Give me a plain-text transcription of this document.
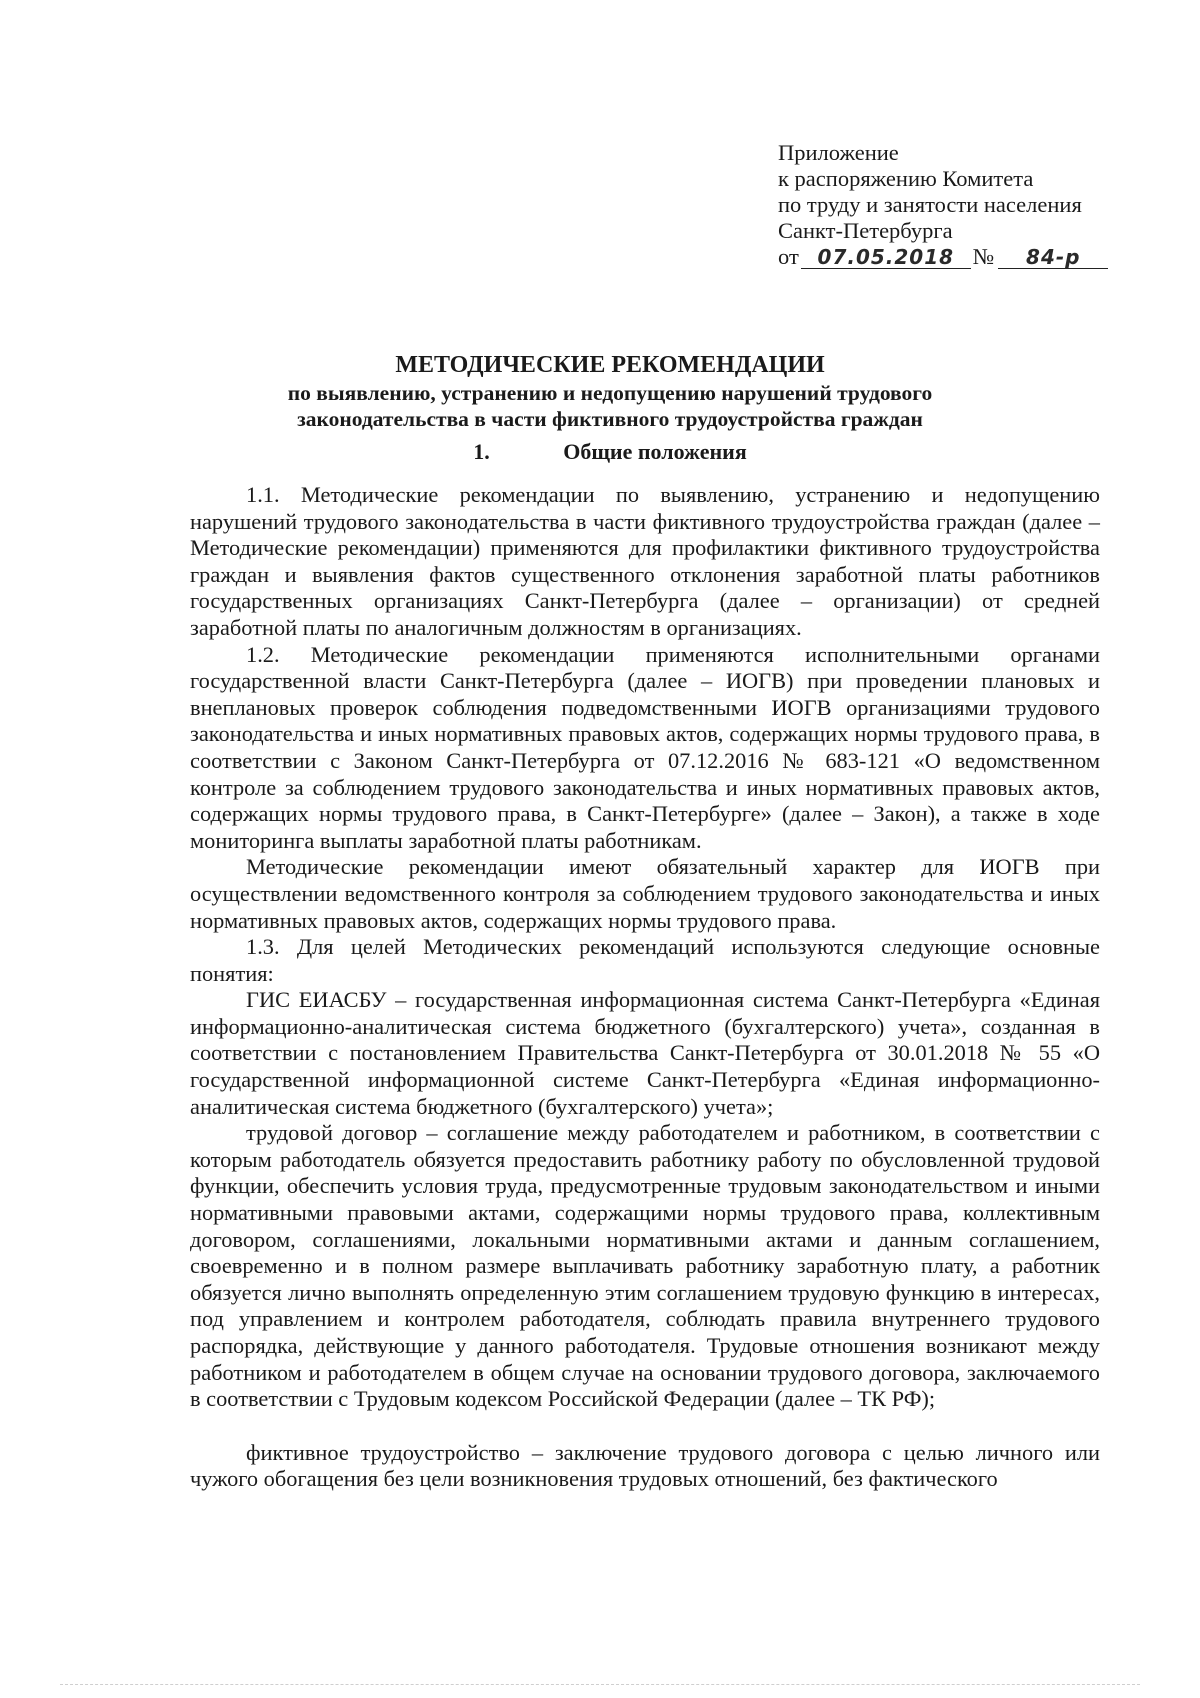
Приложение
к распоряжению Комитета
по труду и занятости населения
Санкт-Петербурга
от 07.05.2018 № 84-р
МЕТОДИЧЕСКИЕ РЕКОМЕНДАЦИИ
по выявлению, устранению и недопущению нарушений трудового
законодательства в части фиктивного трудоустройства граждан
1.	Общие положения

1.1. Методические рекомендации по выявлению, устранению и недопущению нарушений трудового законодательства в части фиктивного трудоустройства граждан (далее – Методические рекомендации) применяются для профилактики фиктивного трудоустройства граждан и выявления фактов существенного отклонения заработной платы работников государственных организациях Санкт-Петербурга (далее – организации) от средней заработной платы по аналогичным должностям в организациях.

1.2. Методические рекомендации применяются исполнительными органами государственной власти Санкт-Петербурга (далее – ИОГВ) при проведении плановых и внеплановых проверок соблюдения подведомственными ИОГВ организациями трудового законодательства и иных нормативных правовых актов, содержащих нормы трудового права, в соответствии с Законом Санкт-Петербурга от 07.12.2016 № 683-121 «О ведомственном контроле за соблюдением трудового законодательства и иных нормативных правовых актов, содержащих нормы трудового права, в Санкт-Петербурге» (далее – Закон), а также в ходе мониторинга выплаты заработной платы работникам.

Методические рекомендации имеют обязательный характер для ИОГВ при осуществлении ведомственного контроля за соблюдением трудового законодательства и иных нормативных правовых актов, содержащих нормы трудового права.

1.3. Для целей Методических рекомендаций используются следующие основные понятия:

ГИС ЕИАСБУ – государственная информационная система Санкт-Петербурга «Единая информационно-аналитическая система бюджетного (бухгалтерского) учета», созданная в соответствии с постановлением Правительства Санкт-Петербурга от 30.01.2018 № 55 «О государственной информационной системе Санкт-Петербурга «Единая информационно-аналитическая система бюджетного (бухгалтерского) учета»;

трудовой договор – соглашение между работодателем и работником, в соответствии с которым работодатель обязуется предоставить работнику работу по обусловленной трудовой функции, обеспечить условия труда, предусмотренные трудовым законодательством и иными нормативными правовыми актами, содержащими нормы трудового права, коллективным договором, соглашениями, локальными нормативными актами и данным соглашением, своевременно и в полном размере выплачивать работнику заработную плату, а работник обязуется лично выполнять определенную этим соглашением трудовую функцию в интересах, под управлением и контролем работодателя, соблюдать правила внутреннего трудового распорядка, действующие у данного работодателя. Трудовые отношения возникают между работником и работодателем в общем случае на основании трудового договора, заключаемого в соответствии с Трудовым кодексом Российской Федерации (далее – ТК РФ);

фиктивное трудоустройство – заключение трудового договора с целью личного или чужого обогащения без цели возникновения трудовых отношений, без фактического
